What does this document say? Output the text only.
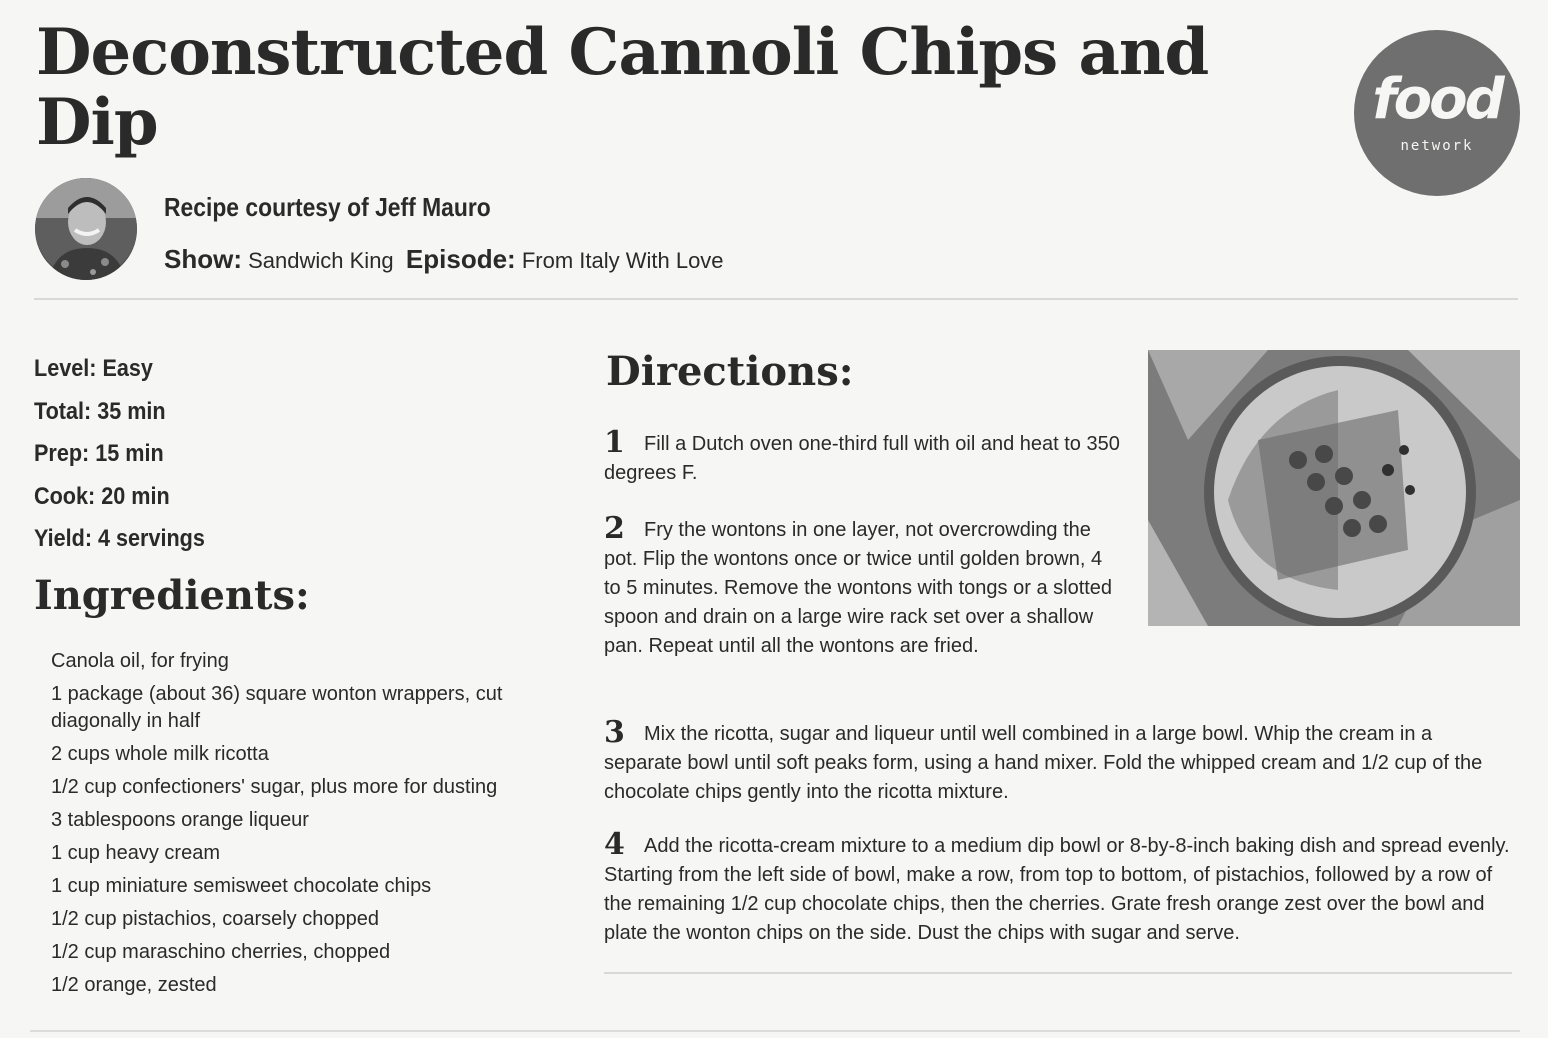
Deconstructed Cannoli Chips and Dip	food
network
Recipe courtesy of Jeff Mauro
Show: Sandwich King Episode: From Italy With Love
Level: Easy
Total: 35 min
Prep: 15 min
Cook: 20 min
Yield: 4 servings
Ingredients:
Canola oil, for frying
1 package (about 36) square wonton wrappers, cut diagonally in half
2 cups whole milk ricotta
1/2 cup confectioners' sugar, plus more for dusting
3 tablespoons orange liqueur
1 cup heavy cream
1 cup miniature semisweet chocolate chips
1/2 cup pistachios, coarsely chopped
1/2 cup maraschino cherries, chopped
1/2 orange, zested
Directions:
1 Fill a Dutch oven one-third full with oil and heat to 350 degrees F.
2 Fry the wontons in one layer, not overcrowding the pot. Flip the wontons once or twice until golden brown, 4 to 5 minutes. Remove the wontons with tongs or a slotted spoon and drain on a large wire rack set over a shallow pan. Repeat until all the wontons are fried.
3 Mix the ricotta, sugar and liqueur until well combined in a large bowl. Whip the cream in a separate bowl until soft peaks form, using a hand mixer. Fold the whipped cream and 1/2 cup of the chocolate chips gently into the ricotta mixture.
4 Add the ricotta-cream mixture to a medium dip bowl or 8-by-8-inch baking dish and spread evenly. Starting from the left side of bowl, make a row, from top to bottom, of pistachios, followed by a row of the remaining 1/2 cup chocolate chips, then the cherries. Grate fresh orange zest over the bowl and plate the wonton chips on the side. Dust the chips with sugar and serve.
